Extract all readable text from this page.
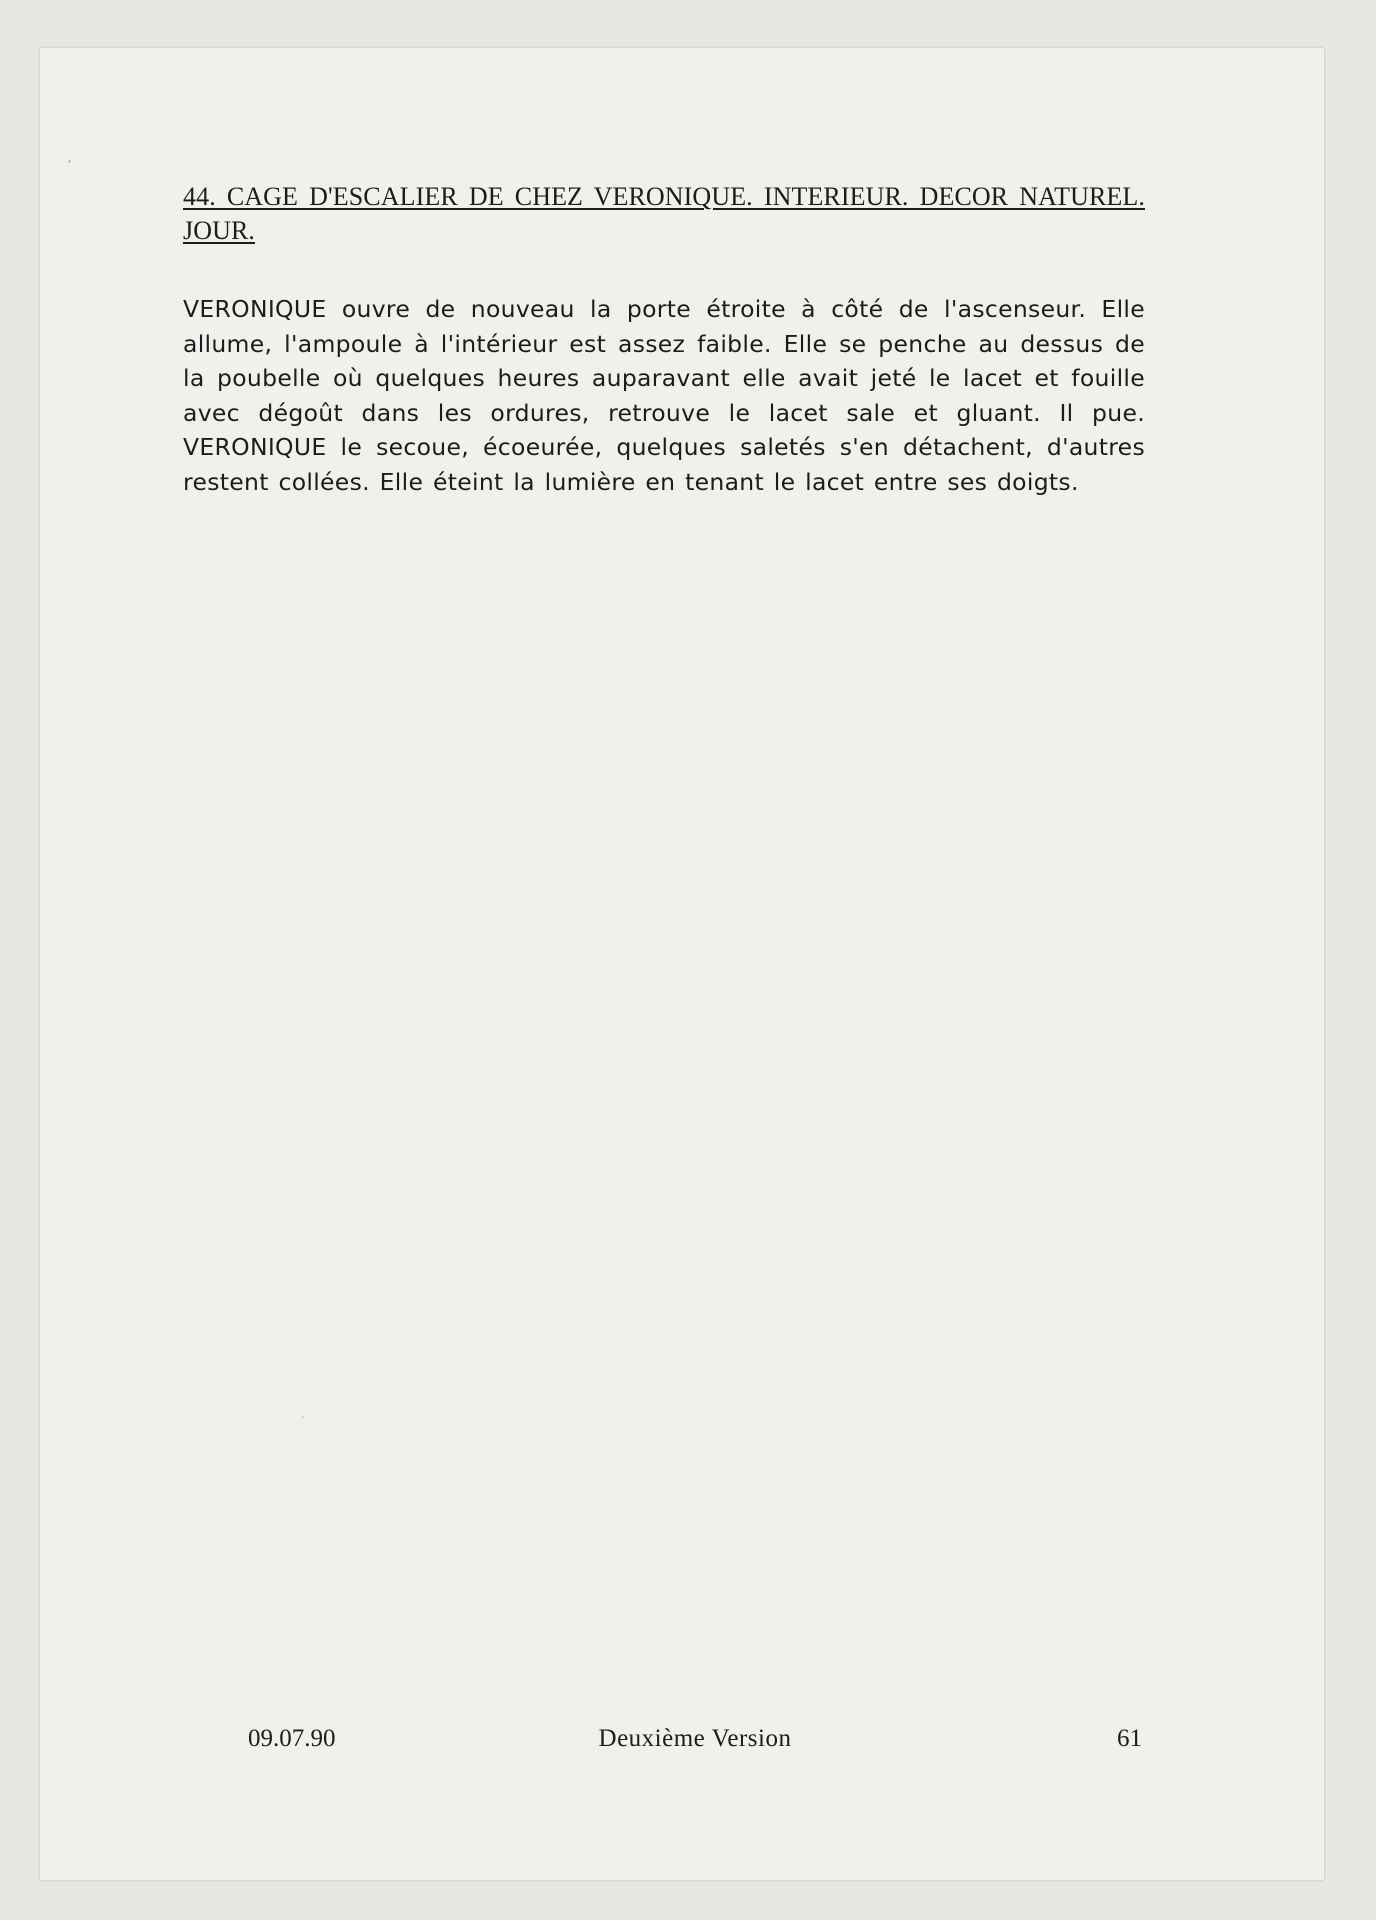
44. CAGE D'ESCALIER DE CHEZ VERONIQUE. INTERIEUR. DECOR NATUREL. JOUR.

VERONIQUE ouvre de nouveau la porte étroite à côté de l'ascenseur. Elle allume, l'ampoule à l'intérieur est assez faible. Elle se penche au dessus de la poubelle où quelques heures auparavant elle avait jeté le lacet et fouille avec dégoût dans les ordures, retrouve le lacet sale et gluant. Il pue. VERONIQUE le secoue, écoeurée, quelques saletés s'en détachent, d'autres restent collées. Elle éteint la lumière en tenant le lacet entre ses doigts.
09.07.90	Deuxième Version	61
